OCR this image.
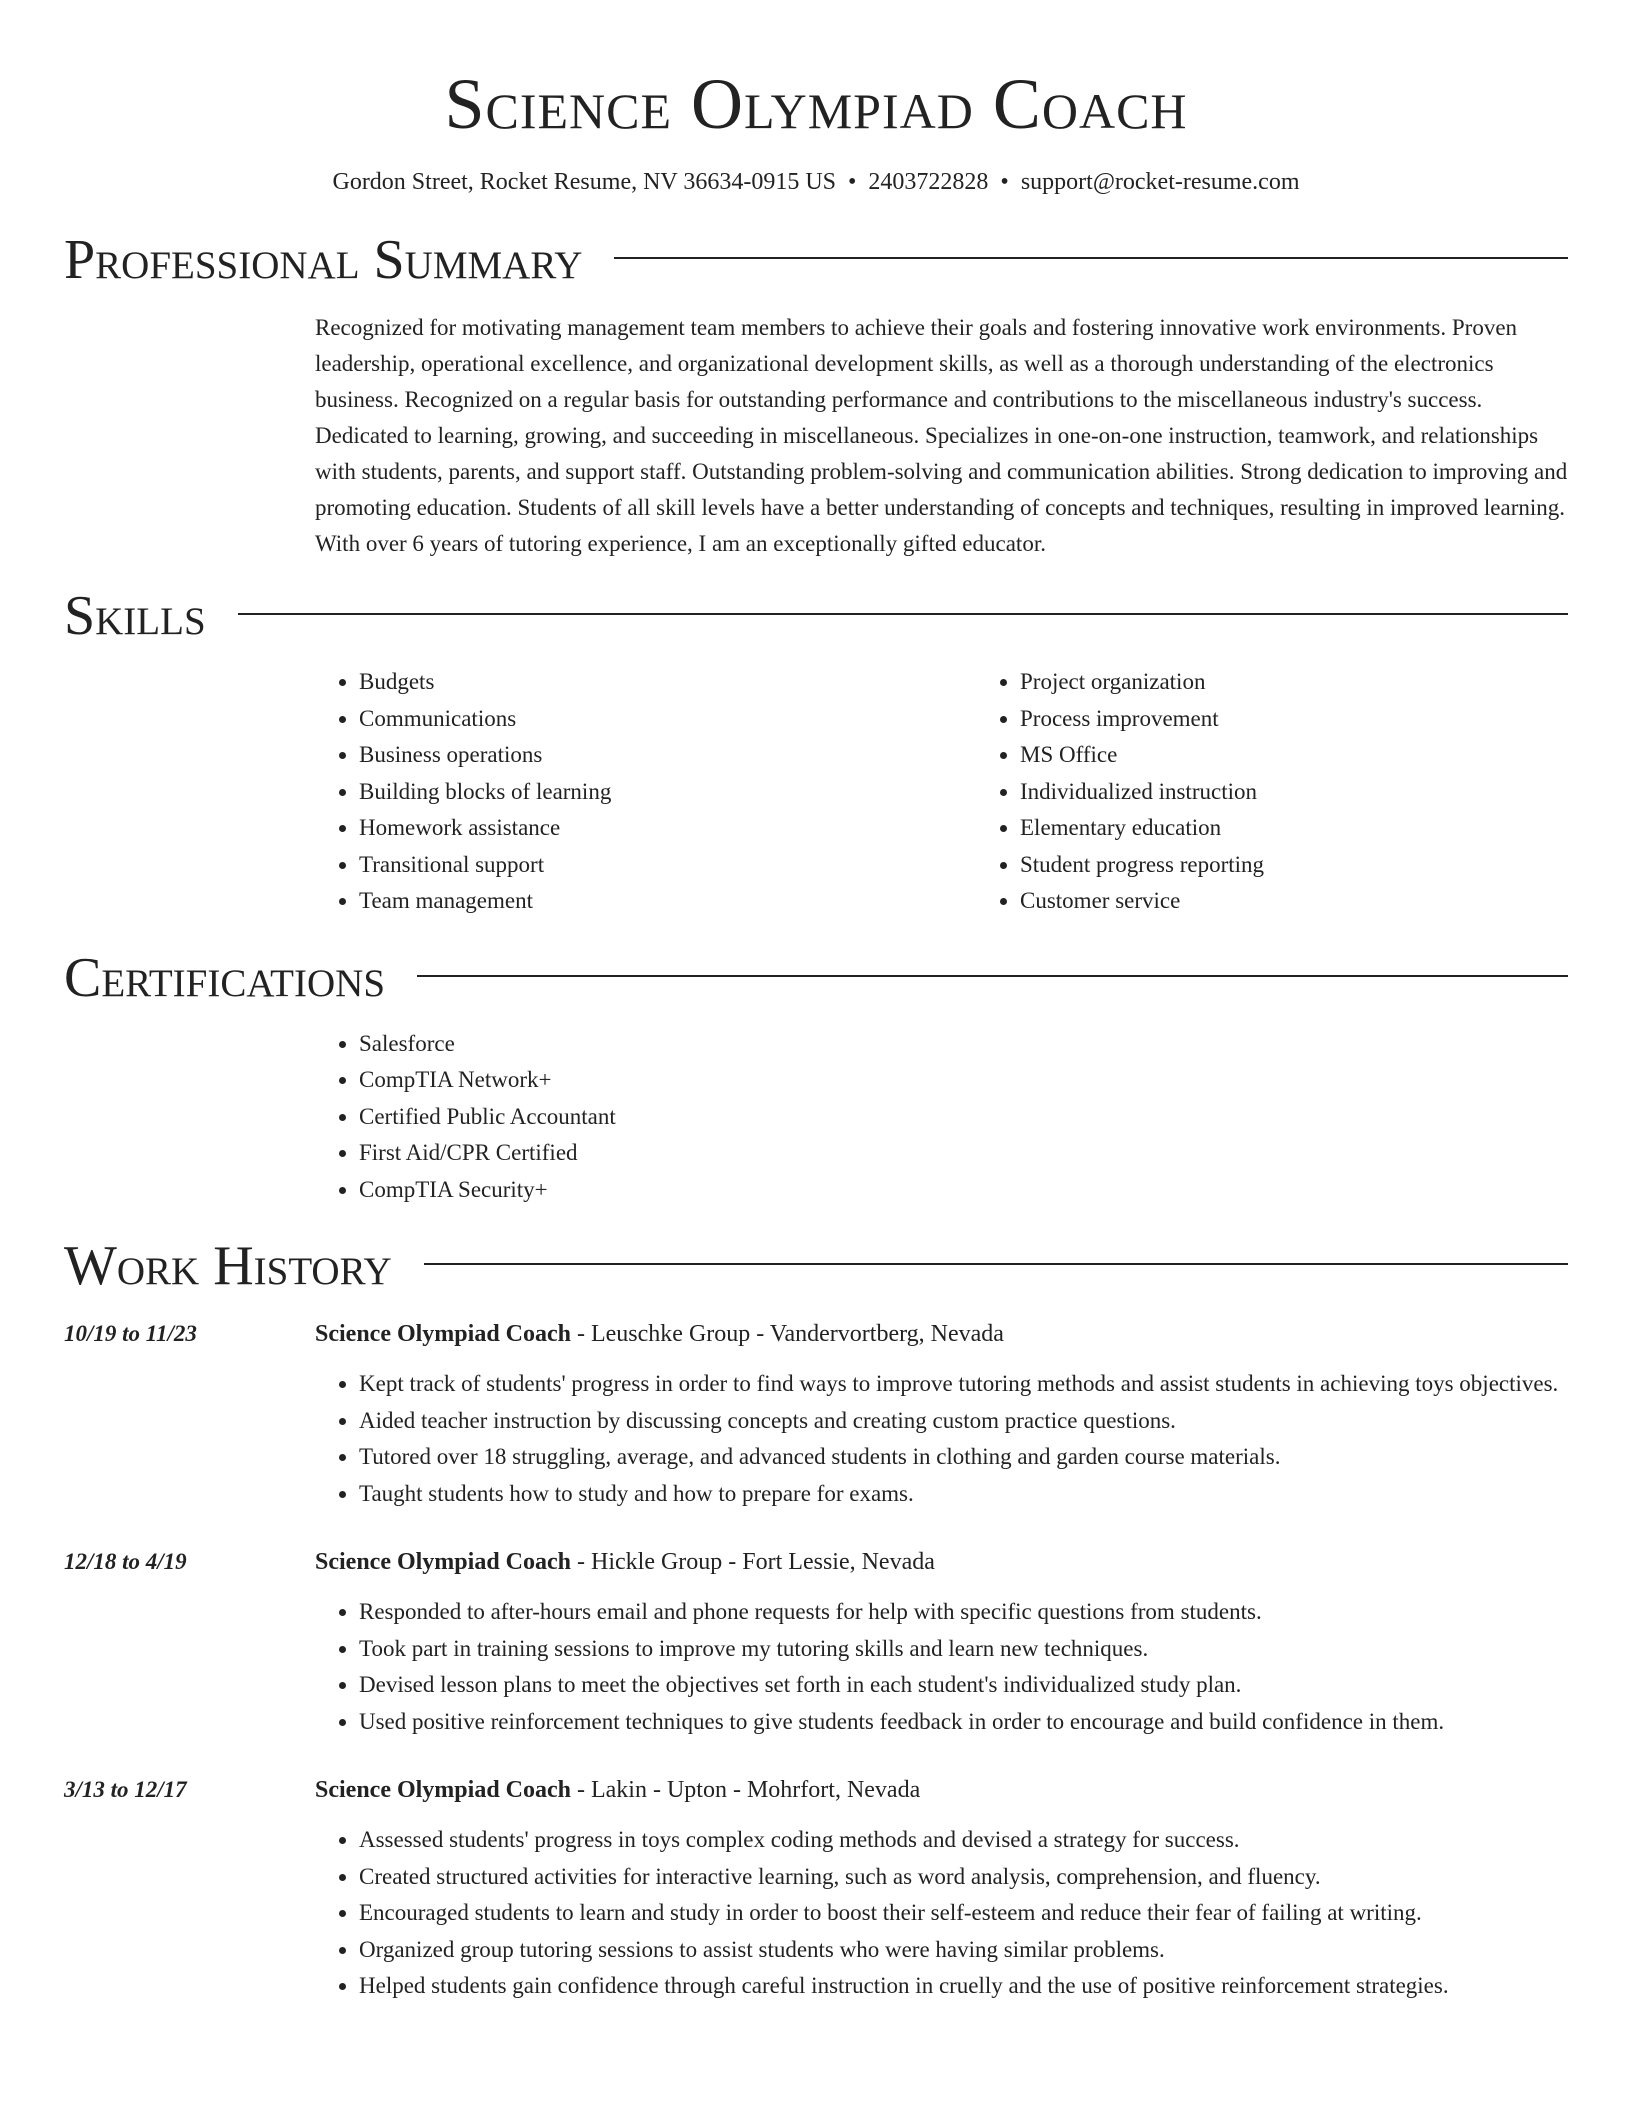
Science Olympiad Coach
Gordon Street, Rocket Resume, NV 36634-0915 US • 2403722828 • support@rocket-resume.com
Professional Summary

Recognized for motivating management team members to achieve their goals and fostering innovative work environments. Proven leadership, operational excellence, and organizational development skills, as well as a thorough understanding of the electronics business. Recognized on a regular basis for outstanding performance and contributions to the miscellaneous industry's success. Dedicated to learning, growing, and succeeding in miscellaneous. Specializes in one-on-one instruction, teamwork, and relationships with students, parents, and support staff. Outstanding problem-solving and communication abilities. Strong dedication to improving and promoting education. Students of all skill levels have a better understanding of concepts and techniques, resulting in improved learning. With over 6 years of tutoring experience, I am an exceptionally gifted educator.

Skills
• Budgets
• Communications
• Business operations
• Building blocks of learning
• Homework assistance
• Transitional support
• Team management
• Project organization
• Process improvement
• MS Office
• Individualized instruction
• Elementary education
• Student progress reporting
• Customer service
Certifications
• Salesforce
• CompTIA Network+
• Certified Public Accountant
• First Aid/CPR Certified
• CompTIA Security+
Work History
10/19 to 11/23	Science Olympiad Coach - Leuschke Group - Vandervortberg, Nevada
• Kept track of students' progress in order to find ways to improve tutoring methods and assist students in achieving toys objectives.
• Aided teacher instruction by discussing concepts and creating custom practice questions.
• Tutored over 18 struggling, average, and advanced students in clothing and garden course materials.
• Taught students how to study and how to prepare for exams.
12/18 to 4/19	Science Olympiad Coach - Hickle Group - Fort Lessie, Nevada
• Responded to after-hours email and phone requests for help with specific questions from students.
• Took part in training sessions to improve my tutoring skills and learn new techniques.
• Devised lesson plans to meet the objectives set forth in each student's individualized study plan.
• Used positive reinforcement techniques to give students feedback in order to encourage and build confidence in them.
3/13 to 12/17	Science Olympiad Coach - Lakin - Upton - Mohrfort, Nevada
• Assessed students' progress in toys complex coding methods and devised a strategy for success.
• Created structured activities for interactive learning, such as word analysis, comprehension, and fluency.
• Encouraged students to learn and study in order to boost their self-esteem and reduce their fear of failing at writing.
• Organized group tutoring sessions to assist students who were having similar problems.
• Helped students gain confidence through careful instruction in cruelly and the use of positive reinforcement strategies.
